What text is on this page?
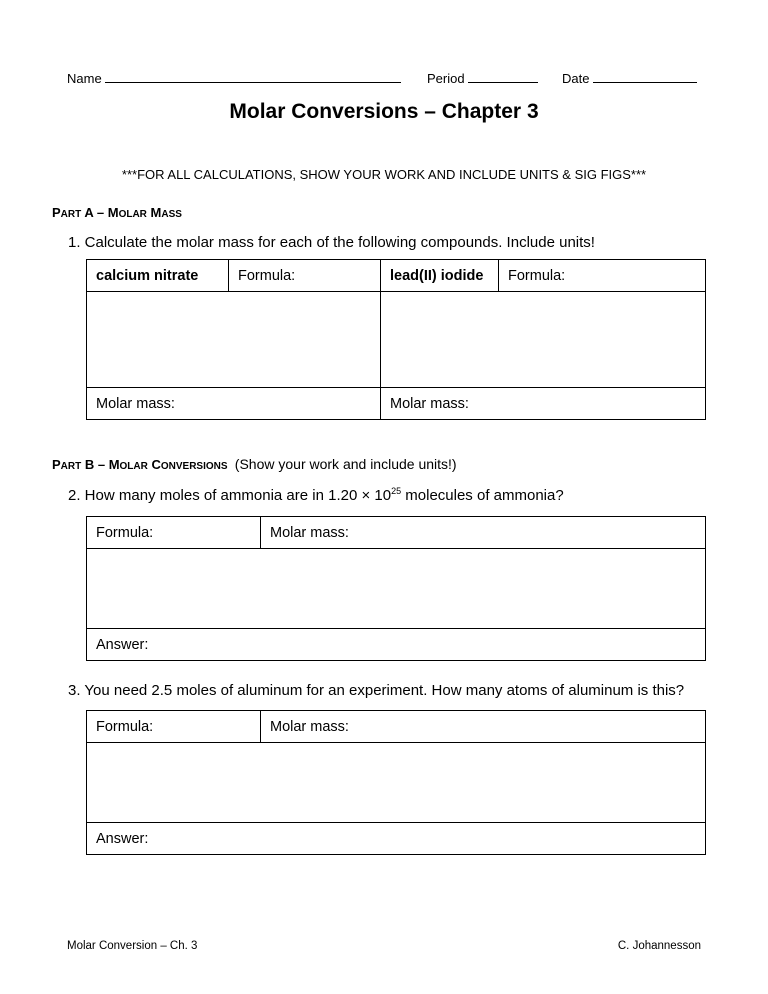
Name	Period	Date
Molar Conversions – Chapter 3
***FOR ALL CALCULATIONS, SHOW YOUR WORK AND INCLUDE UNITS & SIG FIGS***
PART A – MOLAR MASS
1. Calculate the molar mass for each of the following compounds. Include units!
calcium nitrate	Formula:	lead(II) iodide	Formula:

Molar mass:		Molar mass:	
PART B – MOLAR CONVERSIONS (Show your work and include units!)
2. How many moles of ammonia are in $1.20 \times 10^{25}$ molecules of ammonia?
Formula:	Molar mass:

Answer:
3. You need 2.5 moles of aluminum for an experiment. How many atoms of aluminum is this?
Formula:	Molar mass:

Answer:
Molar Conversion – Ch. 3	C. Johannesson
